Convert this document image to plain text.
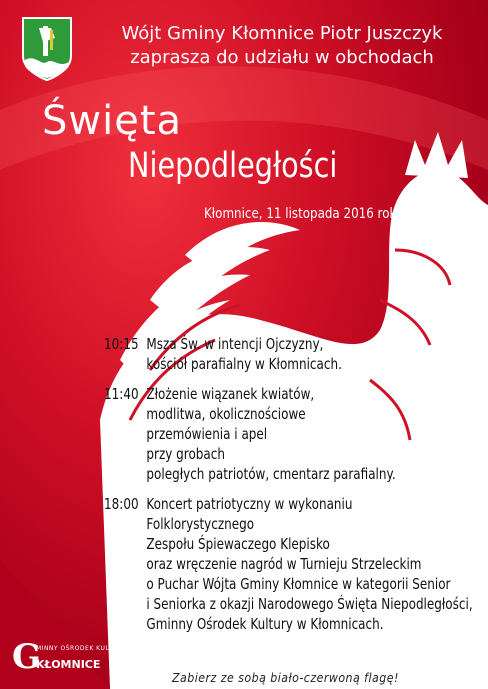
Wójt Gminy Kłomnice Piotr Juszczyk
zaprasza do udziału w obchodach
Święta
Niepodległości
Kłomnice, 11 listopada 2016 rok
10:15 Msza Św. w intencji Ojczyzny,
kościół parafialny w Kłomnicach.
11:40 Złożenie wiązanek kwiatów,
modlitwa, okolicznościowe
przemówienia i apel
przy grobach
poległych patriotów, cmentarz parafialny.
18:00 Koncert patriotyczny w wykonaniu
Folklorystycznego
Zespołu Śpiewaczego Klepisko
oraz wręczenie nagród w Turnieju Strzeleckim
o Puchar Wójta Gminy Kłomnice w kategorii Senior
i Seniorka z okazji Narodowego Święta Niepodległości,
Gminny Ośrodek Kultury w Kłomnicach.
Zabierz ze sobą biało-czerwoną flagę!
G
MINNY OŚRODEK KULTURY
KŁOMNICE
